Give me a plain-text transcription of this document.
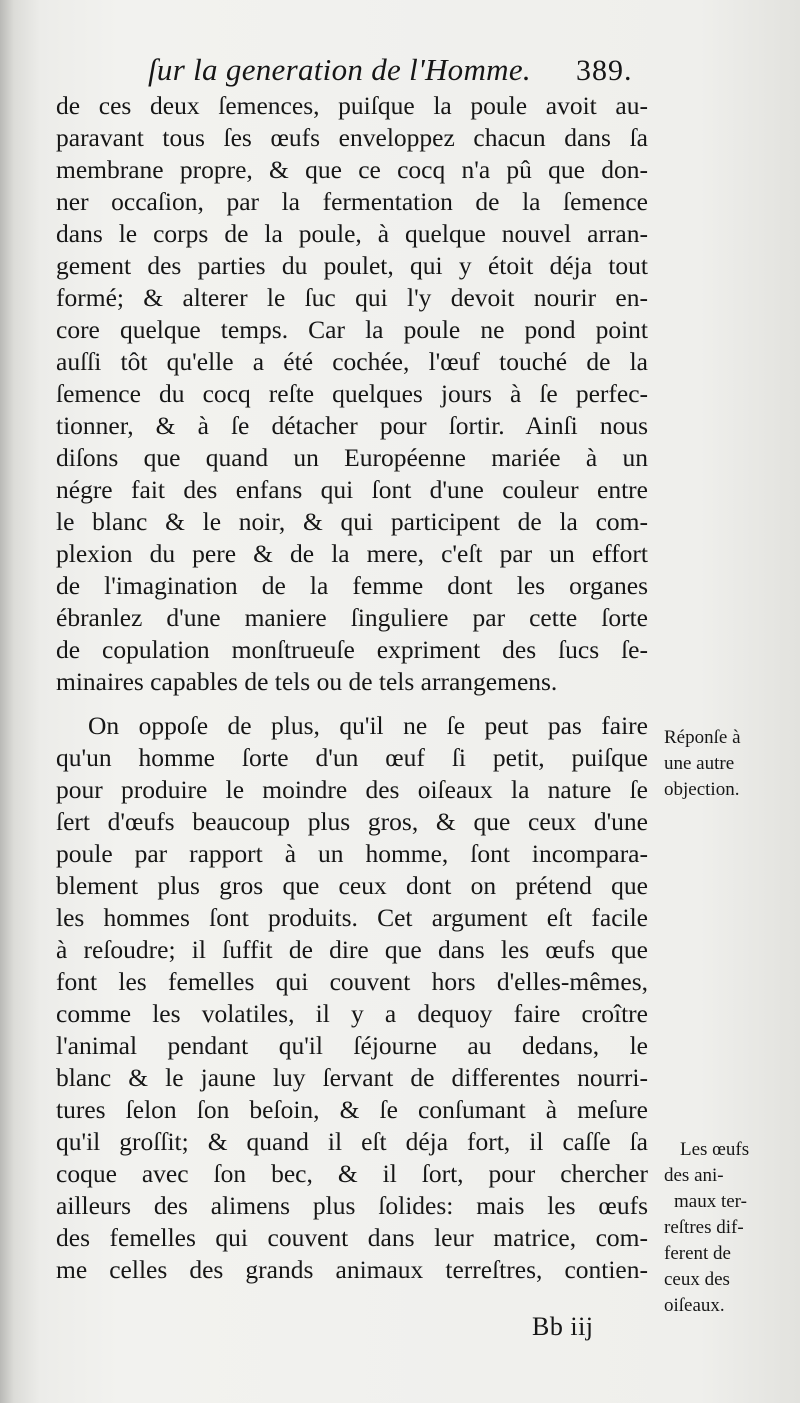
ſur la generation de l'Homme. 389.
de ces deux ſemences, puiſque la poule avoit au-
paravant tous ſes œufs enveloppez chacun dans ſa
membrane propre, & que ce cocq n'a pû que don-
ner occaſion, par la fermentation de la ſemence
dans le corps de la poule, à quelque nouvel arran-
gement des parties du poulet, qui y étoit déja tout
formé; & alterer le ſuc qui l'y devoit nourir en-
core quelque temps. Car la poule ne pond point
auſſi tôt qu'elle a été cochée, l'œuf touché de la
ſemence du cocq reſte quelques jours à ſe perfec-
tionner, & à ſe détacher pour ſortir. Ainſi nous
diſons que quand un Européenne mariée à un
négre fait des enfans qui ſont d'une couleur entre
le blanc & le noir, & qui participent de la com-
plexion du pere & de la mere, c'eſt par un effort
de l'imagination de la femme dont les organes
ébranlez d'une maniere ſinguliere par cette ſorte
de copulation monſtrueuſe expriment des ſucs ſe-
minaires capables de tels ou de tels arrangemens.
On oppoſe de plus, qu'il ne ſe peut pas faire
qu'un homme ſorte d'un œuf ſi petit, puiſque
pour produire le moindre des oiſeaux la nature ſe
ſert d'œufs beaucoup plus gros, & que ceux d'une
poule par rapport à un homme, ſont incompara-
blement plus gros que ceux dont on prétend que
les hommes ſont produits. Cet argument eſt facile
à reſoudre; il ſuffit de dire que dans les œufs que
font les femelles qui couvent hors d'elles-mêmes,
comme les volatiles, il y a dequoy faire croître
l'animal pendant qu'il ſéjourne au dedans, le
blanc & le jaune luy ſervant de differentes nourri-
tures ſelon ſon beſoin, & ſe conſumant à meſure
qu'il groſſit; & quand il eſt déja fort, il caſſe ſa
coque avec ſon bec, & il ſort, pour chercher
ailleurs des alimens plus ſolides: mais les œufs
des femelles qui couvent dans leur matrice, com-
me celles des grands animaux terreſtres, contien-
Réponſe à
une autre
objection.
Les œufs
des ani-
maux ter-
reſtres dif-
ferent de
ceux des
oiſeaux.
Bb iij
